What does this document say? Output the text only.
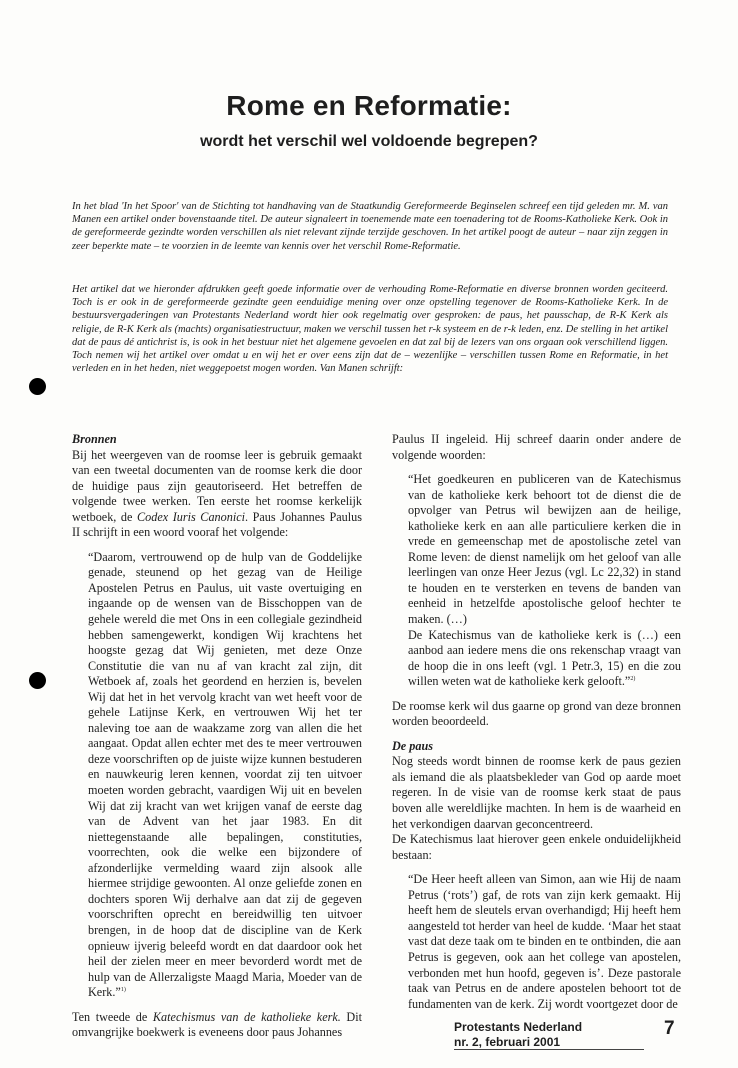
Rome en Reformatie:
wordt het verschil wel voldoende begrepen?

In het blad 'In het Spoor' van de Stichting tot handhaving van de Staatkundig Gereformeerde Beginselen schreef een tijd geleden mr. M. van Manen een artikel onder bovenstaande titel. De auteur signaleert in toenemende mate een toenadering tot de Rooms-Katholieke Kerk. Ook in de gereformeerde gezindte worden verschillen als niet relevant zijnde terzijde geschoven. In het artikel poogt de auteur – naar zijn zeggen in zeer beperkte mate – te voorzien in de leemte van kennis over het verschil Rome-Reformatie.

Het artikel dat we hieronder afdrukken geeft goede informatie over de verhouding Rome-Reformatie en diverse bronnen worden geciteerd. Toch is er ook in de gereformeerde gezindte geen eenduidige mening over onze opstelling tegenover de Rooms-Katholieke Kerk. In de bestuursvergaderingen van Protestants Nederland wordt hier ook regelmatig over gesproken: de paus, het pausschap, de R-K Kerk als religie, de R-K Kerk als (machts) organisatiestructuur, maken we verschil tussen het r-k systeem en de r-k leden, enz. De stelling in het artikel dat de paus dé antichrist is, is ook in het bestuur niet het algemene gevoelen en dat zal bij de lezers van ons orgaan ook verschillend liggen. Toch nemen wij het artikel over omdat u en wij het er over eens zijn dat de – wezenlijke – verschillen tussen Rome en Reformatie, in het verleden en in het heden, niet weggepoetst mogen worden. Van Manen schrijft:

Bronnen

Bij het weergeven van de roomse leer is gebruik gemaakt van een tweetal documenten van de roomse kerk die door de huidige paus zijn geautoriseerd. Het betreffen de volgende twee werken. Ten eerste het roomse kerkelijk wetboek, de Codex Iuris Canonici. Paus Johannes Paulus II schrijft in een woord vooraf het volgende:

“Daarom, vertrouwend op de hulp van de Goddelijke genade, steunend op het gezag van de Heilige Apostelen Petrus en Paulus, uit vaste overtuiging en ingaande op de wensen van de Bisschoppen van de gehele wereld die met Ons in een collegiale gezindheid hebben samengewerkt, kondigen Wij krachtens het hoogste gezag dat Wij genieten, met deze Onze Constitutie die van nu af van kracht zal zijn, dit Wetboek af, zoals het geordend en herzien is, bevelen Wij dat het in het vervolg kracht van wet heeft voor de gehele Latijnse Kerk, en vertrouwen Wij het ter naleving toe aan de waakzame zorg van allen die het aangaat. Opdat allen echter met des te meer vertrouwen deze voorschriften op de juiste wijze kunnen bestuderen en nauwkeurig leren kennen, voordat zij ten uitvoer moeten worden gebracht, vaardigen Wij uit en bevelen Wij dat zij kracht van wet krijgen vanaf de eerste dag van de Advent van het jaar 1983. En dit niettegenstaande alle bepalingen, constituties, voorrechten, ook die welke een bijzondere of afzonderlijke vermelding waard zijn alsook alle hiermee strijdige gewoonten. Al onze geliefde zonen en dochters sporen Wij derhalve aan dat zij de gegeven voorschriften oprecht en bereidwillig ten uitvoer brengen, in de hoop dat de discipline van de Kerk opnieuw ijverig beleefd wordt en dat daardoor ook het heil der zielen meer en meer bevorderd wordt met de hulp van de Allerzaligste Maagd Maria, Moeder van de Kerk.”$^{1)}$

Ten tweede de Katechismus van de katholieke kerk. Dit omvangrijke boekwerk is eveneens door paus Johannes

Paulus II ingeleid. Hij schreef daarin onder andere de volgende woorden:

“Het goedkeuren en publiceren van de Katechismus van de katholieke kerk behoort tot de dienst die de opvolger van Petrus wil bewijzen aan de heilige, katholieke kerk en aan alle particuliere kerken die in vrede en gemeenschap met de apostolische zetel van Rome leven: de dienst namelijk om het geloof van alle leerlingen van onze Heer Jezus (vgl. Lc 22,32) in stand te houden en te versterken en tevens de banden van eenheid in hetzelfde apostolische geloof hechter te maken. (…)

De Katechismus van de katholieke kerk is (…) een aanbod aan iedere mens die ons rekenschap vraagt van de hoop die in ons leeft (vgl. 1 Petr.3, 15) en die zou willen weten wat de katholieke kerk gelooft.”$^{2)}$

De roomse kerk wil dus gaarne op grond van deze bronnen worden beoordeeld.

De paus

Nog steeds wordt binnen de roomse kerk de paus gezien als iemand die als plaatsbekleder van God op aarde moet regeren. In de visie van de roomse kerk staat de paus boven alle wereldlijke machten. In hem is de waarheid en het verkondigen daarvan geconcentreerd.

De Katechismus laat hierover geen enkele onduidelijkheid bestaan:

“De Heer heeft alleen van Simon, aan wie Hij de naam Petrus (‘rots’) gaf, de rots van zijn kerk gemaakt. Hij heeft hem de sleutels ervan overhandigd; Hij heeft hem aangesteld tot herder van heel de kudde. ‘Maar het staat vast dat deze taak om te binden en te ontbinden, die aan Petrus is gegeven, ook aan het college van apostelen, verbonden met hun hoofd, gegeven is’. Deze pastorale taak van Petrus en de andere apostelen behoort tot de fundamenten van de kerk. Zij wordt voortgezet door de

Protestants Nederland
nr. 2, februari 2001
7
